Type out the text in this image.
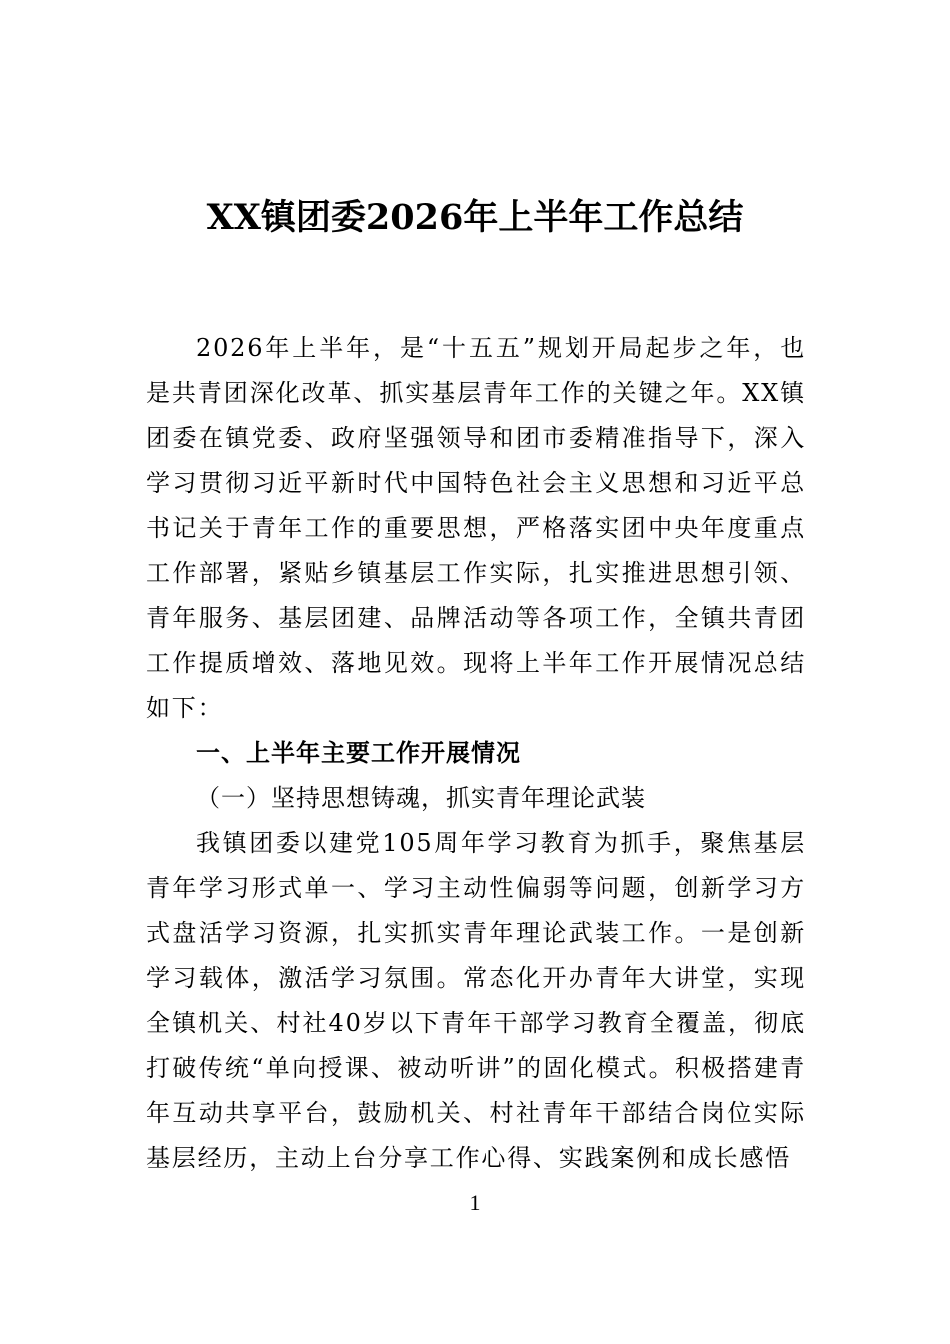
XX镇团委2026年上半年工作总结

2026年上半年，是“十五五”规划开局起步之年，也是共青团深化改革、抓实基层青年工作的关键之年。XX镇团委在镇党委、政府坚强领导和团市委精准指导下，深入学习贯彻习近平新时代中国特色社会主义思想和习近平总书记关于青年工作的重要思想，严格落实团中央年度重点工作部署，紧贴乡镇基层工作实际，扎实推进思想引领、青年服务、基层团建、品牌活动等各项工作，全镇共青团工作提质增效、落地见效。现将上半年工作开展情况总结如下：

一、上半年主要工作开展情况

（一）坚持思想铸魂，抓实青年理论武装

我镇团委以建党105周年学习教育为抓手，聚焦基层青年学习形式单一、学习主动性偏弱等问题，创新学习方式盘活学习资源，扎实抓实青年理论武装工作。一是创新学习载体，激活学习氛围。常态化开办青年大讲堂，实现全镇机关、村社40岁以下青年干部学习教育全覆盖，彻底打破传统“单向授课、被动听讲”的固化模式。积极搭建青年互动共享平台，鼓励机关、村社青年干部结合岗位实际基层经历，主动上台分享工作心得、实践案例和成长感悟

1
